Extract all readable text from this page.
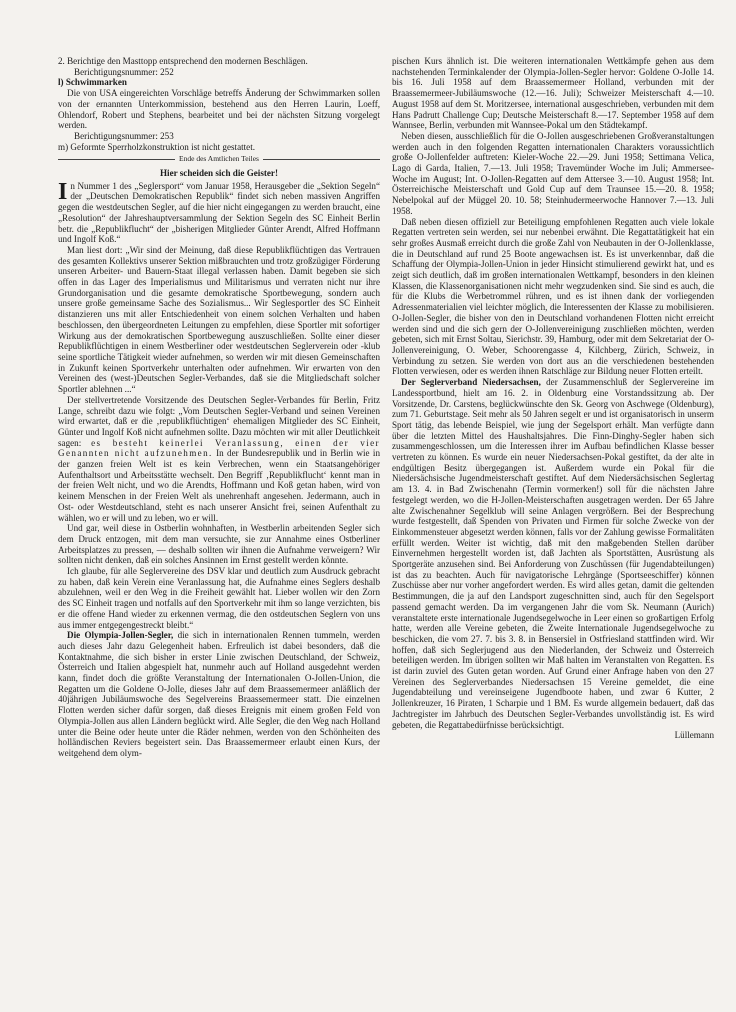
2. Berichtige den Masttopp entsprechend den modernen Beschlägen.

Berichtigungsnummer: 252

l) Schwimmarken

Die von USA eingereichten Vorschläge betreffs Änderung der Schwimmarken sollen von der ernannten Unterkommission, bestehend aus den Herren Laurin, Loeff, Ohlendorf, Robert und Stephens, bearbeitet und bei der nächsten Sitzung vorgelegt werden.

Berichtigungsnummer: 253

m) Geformte Sperrholzkonstruktion ist nicht gestattet.

Ende des Amtlichen Teiles

Hier scheiden sich die Geister!

In Nummer 1 des „Seglersport“ vom Januar 1958, Herausgeber die „Sektion Segeln“ der „Deutschen Demokratischen Republik“ findet sich neben massiven Angriffen gegen die westdeutschen Segler, auf die hier nicht eingegangen zu werden braucht, eine „Resolution“ der Jahreshauptversammlung der Sektion Segeln des SC Einheit Berlin betr. die „Republikflucht“ der „bisherigen Mitglieder Günter Arendt, Alfred Hoffmann und Ingolf Koß.“

Man liest dort: „Wir sind der Meinung, daß diese Republikflüchtigen das Vertrauen des gesamten Kollektivs unserer Sektion mißbrauchten und trotz großzügiger Förderung unseren Arbeiter- und Bauern-Staat illegal verlassen haben. Damit begeben sie sich offen in das Lager des Imperialismus und Militarismus und verraten nicht nur ihre Grundorganisation und die gesamte demokratische Sportbewegung, sondern auch unsere große gemeinsame Sache des Sozialismus... Wir Seglesportler des SC Einheit distanzieren uns mit aller Entschiedenheit von einem solchen Verhalten und haben beschlossen, den übergeordneten Leitungen zu empfehlen, diese Sportler mit sofortiger Wirkung aus der demokratischen Sportbewegung auszuschließen. Sollte einer dieser Republikflüchtigen in einem Westberliner oder westdeutschen Seglerverein oder -klub seine sportliche Tätigkeit wieder aufnehmen, so werden wir mit diesen Gemeinschaften in Zukunft keinen Sportverkehr unterhalten oder aufnehmen. Wir erwarten von den Vereinen des (west-)Deutschen Segler-Verbandes, daß sie die Mitgliedschaft solcher Sportler ablehnen ...“

Der stellvertretende Vorsitzende des Deutschen Segler-Verbandes für Berlin, Fritz Lange, schreibt dazu wie folgt: „Vom Deutschen Segler-Verband und seinen Vereinen wird erwartet, daß er die ‚republikflüchtigen‘ ehemaligen Mitglieder des SC Einheit, Günter und Ingolf Koß nicht aufnehmen sollte. Dazu möchten wir mit aller Deutlichkeit sagen: es besteht keinerlei Veranlassung, einen der vier Genannten nicht aufzunehmen. In der Bundesrepublik und in Berlin wie in der ganzen freien Welt ist es kein Verbrechen, wenn ein Staatsangehöriger Aufenthaltsort und Arbeitsstätte wechselt. Den Begriff ‚Republikflucht‘ kennt man in der freien Welt nicht, und wo die Arendts, Hoffmann und Koß getan haben, wird von keinem Menschen in der Freien Welt als unehrenhaft angesehen. Jedermann, auch in Ost- oder Westdeutschland, steht es nach unserer Ansicht frei, seinen Aufenthalt zu wählen, wo er will und zu leben, wo er will.

Und gar, weil diese in Ostberlin wohnhaften, in Westberlin arbeitenden Segler sich dem Druck entzogen, mit dem man versuchte, sie zur Annahme eines Ostberliner Arbeitsplatzes zu pressen, — deshalb sollten wir ihnen die Aufnahme verweigern? Wir sollten nicht denken, daß ein solches Ansinnen im Ernst gestellt werden könnte.

Ich glaube, für alle Seglervereine des DSV klar und deutlich zum Ausdruck gebracht zu haben, daß kein Verein eine Veranlassung hat, die Aufnahme eines Seglers deshalb abzulehnen, weil er den Weg in die Freiheit gewählt hat. Lieber wollen wir den Zorn des SC Einheit tragen und notfalls auf den Sportverkehr mit ihm so lange verzichten, bis er die offene Hand wieder zu erkennen vermag, die den ostdeutschen Seglern von uns aus immer entgegengestreckt bleibt.“

Die Olympia-Jollen-Segler, die sich in internationalen Rennen tummeln, werden auch dieses Jahr dazu Gelegenheit haben. Erfreulich ist dabei besonders, daß die Kontaktnahme, die sich bisher in erster Linie zwischen Deutschland, der Schweiz, Österreich und Italien abgespielt hat, nunmehr auch auf Holland ausgedehnt werden kann, findet doch die größte Veranstaltung der Internationalen O-Jollen-Union, die Regatten um die Goldene O-Jolle, dieses Jahr auf dem Braassemermeer anläßlich der 40jährigen Jubiläumswoche des Segelvereins Braassemermeer statt. Die einzelnen Flotten werden sicher dafür sorgen, daß dieses Ereignis mit einem großen Feld von Olympia-Jollen aus allen Ländern beglückt wird. Alle Segler, die den Weg nach Holland unter die Beine oder heute unter die Räder nehmen, werden von den Schönheiten des holländischen Reviers begeistert sein. Das Braassemermeer erlaubt einen Kurs, der weitgehend dem olym-

pischen Kurs ähnlich ist. Die weiteren internationalen Wettkämpfe gehen aus dem nachstehenden Terminkalender der Olympia-Jollen-Segler hervor: Goldene O-Jolle 14. bis 16. Juli 1958 auf dem Braassemermeer Holland, verbunden mit der Braassemermeer-Jubiläumswoche (12.—16. Juli); Schweizer Meisterschaft 4.—10. August 1958 auf dem St. Moritzersee, international ausgeschrieben, verbunden mit dem Hans Padrutt Challenge Cup; Deutsche Meisterschaft 8.—17. September 1958 auf dem Wannsee, Berlin, verbunden mit Wannsee-Pokal um den Städtekampf.

Neben diesen, ausschließlich für die O-Jollen ausgeschriebenen Großveranstaltungen werden auch in den folgenden Regatten internationalen Charakters voraussichtlich große O-Jollenfelder auftreten: Kieler-Woche 22.—29. Juni 1958; Settimana Velica, Lago di Garda, Italien, 7.—13. Juli 1958; Travemünder Woche im Juli; Ammersee-Woche im August; Int. O-Jollen-Regatten auf dem Attersee 3.—10. August 1958; Int. Österreichische Meisterschaft und Gold Cup auf dem Traunsee 15.—20. 8. 1958; Nebelpokal auf der Müggel 20. 10. 58; Steinhudermeerwoche Hannover 7.—13. Juli 1958.

Daß neben diesen offiziell zur Beteiligung empfohlenen Regatten auch viele lokale Regatten vertreten sein werden, sei nur nebenbei erwähnt. Die Regattatätigkeit hat ein sehr großes Ausmaß erreicht durch die große Zahl von Neubauten in der O-Jollenklasse, die in Deutschland auf rund 25 Boote angewachsen ist. Es ist unverkennbar, daß die Schaffung der Olympia-Jollen-Union in jeder Hinsicht stimulierend gewirkt hat, und es zeigt sich deutlich, daß im großen internationalen Wettkampf, besonders in den kleinen Klassen, die Klassenorganisationen nicht mehr wegzudenken sind. Sie sind es auch, die für die Klubs die Werbetrommel rühren, und es ist ihnen dank der vorliegenden Adressenmaterialien viel leichter möglich, die Interessenten der Klasse zu mobilisieren. O-Jollen-Segler, die bisher von den in Deutschland vorhandenen Flotten nicht erreicht werden sind und die sich gern der O-Jollenvereinigung zuschließen möchten, werden gebeten, sich mit Ernst Soltau, Sierichstr. 39, Hamburg, oder mit dem Sekretariat der O-Jollenvereinigung, O. Weber, Schoorengasse 4, Kilchberg, Zürich, Schweiz, in Verbindung zu setzen. Sie werden von dort aus an die verschiedenen bestehenden Flotten verwiesen, oder es werden ihnen Ratschläge zur Bildung neuer Flotten erteilt.

Der Seglerverband Niedersachsen, der Zusammenschluß der Seglervereine im Landessportbund, hielt am 16. 2. in Oldenburg eine Vorstandssitzung ab. Der Vorsitzende, Dr. Carstens, beglückwünschte den Sk. Georg von Aschwege (Oldenburg), zum 71. Geburtstage. Seit mehr als 50 Jahren segelt er und ist organisatorisch in unserm Sport tätig, das lebende Beispiel, wie jung der Segelsport erhält. Man verfügte dann über die letzten Mittel des Haushaltsjahres. Die Finn-Dinghy-Segler haben sich zusammengeschlossen, um die Interessen ihrer im Aufbau befindlichen Klasse besser vertreten zu können. Es wurde ein neuer Niedersachsen-Pokal gestiftet, da der alte in endgültigen Besitz übergegangen ist. Außerdem wurde ein Pokal für die Niedersächsische Jugendmeisterschaft gestiftet. Auf dem Niedersächsischen Seglertag am 13. 4. in Bad Zwischenahn (Termin vormerken!) soll für die nächsten Jahre festgelegt werden, wo die H-Jollen-Meisterschaften ausgetragen werden. Der 65 Jahre alte Zwischenahner Segelklub will seine Anlagen vergrößern. Bei der Besprechung wurde festgestellt, daß Spenden von Privaten und Firmen für solche Zwecke von der Einkommensteuer abgesetzt werden können, falls vor der Zahlung gewisse Formalitäten erfüllt werden. Weiter ist wichtig, daß mit den maßgebenden Stellen darüber Einvernehmen hergestellt worden ist, daß Jachten als Sportstätten, Ausrüstung als Sportgeräte anzusehen sind. Bei Anforderung von Zuschüssen (für Jugendabteilungen) ist das zu beachten. Auch für navigatorische Lehrgänge (Sportseeschiffer) können Zuschüsse aber nur vorher angefordert werden. Es wird alles getan, damit die geltenden Bestimmungen, die ja auf den Landsport zugeschnitten sind, auch für den Segelsport passend gemacht werden. Da im vergangenen Jahr die vom Sk. Neumann (Aurich) veranstaltete erste internationale Jugendsegelwoche in Leer einen so großartigen Erfolg hatte, werden alle Vereine gebeten, die Zweite Internationale Jugendsegelwoche zu beschicken, die vom 27. 7. bis 3. 8. in Bensersiel in Ostfriesland stattfinden wird. Wir hoffen, daß sich Seglerjugend aus den Niederlanden, der Schweiz und Österreich beteiligen werden. Im übrigen sollten wir Maß halten im Veranstalten von Regatten. Es ist darin zuviel des Guten getan worden. Auf Grund einer Anfrage haben von den 27 Vereinen des Seglerverbandes Niedersachsen 15 Vereine gemeldet, die eine Jugendabteilung und vereinseigene Jugendboote haben, und zwar 6 Kutter, 2 Jollenkreuzer, 16 Piraten, 1 Scharpie und 1 BM. Es wurde allgemein bedauert, daß das Jachtregister im Jahrbuch des Deutschen Segler-Verbandes unvollständig ist. Es wird gebeten, die Regattabedürfnisse berücksichtigt.

Lüllemann
